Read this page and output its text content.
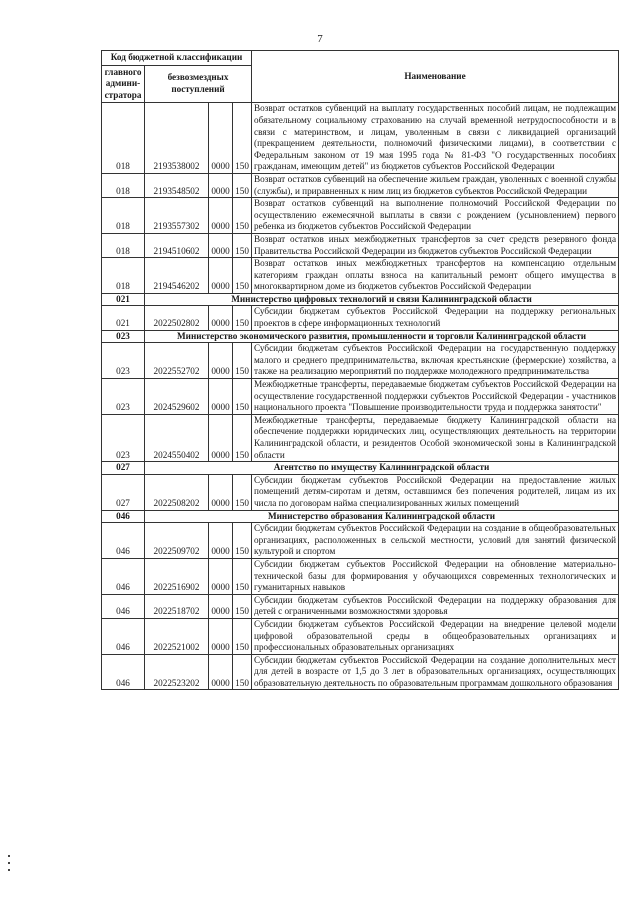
7
Код бюджетной классификации				Наименование
главного админи-стратора	безвозмездных поступлений			
018	2193538002	0000	150	Возврат остатков субвенций на выплату государственных пособий лицам, не подлежащим обязательному социальному страхованию на случай временной нетрудоспособности и в связи с материнством, и лицам, уволенным в связи с ликвидацией организаций (прекращением деятельности, полномочий физическими лицами), в соответствии с Федеральным законом от 19 мая 1995 года № 81-ФЗ "О государственных пособиях гражданам, имеющим детей" из бюджетов субъектов Российской Федерации
018	2193548502	0000	150	Возврат остатков субвенций на обеспечение жильем граждан, уволенных с военной службы (службы), и приравненных к ним лиц из бюджетов субъектов Российской Федерации
018	2193557302	0000	150	Возврат остатков субвенций на выполнение полномочий Российской Федерации по осуществлению ежемесячной выплаты в связи с рождением (усыновлением) первого ребенка из бюджетов субъектов Российской Федерации
018	2194510602	0000	150	Возврат остатков иных межбюджетных трансфертов за счет средств резервного фонда Правительства Российской Федерации из бюджетов субъектов Российской Федерации
018	2194546202	0000	150	Возврат остатков иных межбюджетных трансфертов на компенсацию отдельным категориям граждан оплаты взноса на капитальный ремонт общего имущества в многоквартирном доме из бюджетов субъектов Российской Федерации
021	Министерство цифровых технологий и связи Калининградской области			
021	2022502802	0000	150	Субсидии бюджетам субъектов Российской Федерации на поддержку региональных проектов в сфере информационных технологий
023	Министерство экономического развития, промышленности и торговли Калининградской области			
023	2022552702	0000	150	Субсидии бюджетам субъектов Российской Федерации на государственную поддержку малого и среднего предпринимательства, включая крестьянские (фермерские) хозяйства, а также на реализацию мероприятий по поддержке молодежного предпринимательства
023	2024529602	0000	150	Межбюджетные трансферты, передаваемые бюджетам субъектов Российской Федерации на осуществление государственной поддержки субъектов Российской Федерации - участников национального проекта "Повышение производительности труда и поддержка занятости"
023	2024550402	0000	150	Межбюджетные трансферты, передаваемые бюджету Калининградской области на обеспечение поддержки юридических лиц, осуществляющих деятельность на территории Калининградской области, и резидентов Особой экономической зоны в Калининградской области
027	Агентство по имуществу Калининградской области			
027	2022508202	0000	150	Субсидии бюджетам субъектов Российской Федерации на предоставление жилых помещений детям-сиротам и детям, оставшимся без попечения родителей, лицам из их числа по договорам найма специализированных жилых помещений
046	Министерство образования Калининградской области			
046	2022509702	0000	150	Субсидии бюджетам субъектов Российской Федерации на создание в общеобразовательных организациях, расположенных в сельской местности, условий для занятий физической культурой и спортом
046	2022516902	0000	150	Субсидии бюджетам субъектов Российской Федерации на обновление материально-технической базы для формирования у обучающихся современных технологических и гуманитарных навыков
046	2022518702	0000	150	Субсидии бюджетам субъектов Российской Федерации на поддержку образования для детей с ограниченными возможностями здоровья
046	2022521002	0000	150	Субсидии бюджетам субъектов Российской Федерации на внедрение целевой модели цифровой образовательной среды в общеобразовательных организациях и профессиональных образовательных организациях
046	2022523202	0000	150	Субсидии бюджетам субъектов Российской Федерации на создание дополнительных мест для детей в возрасте от 1,5 до 3 лет в образовательных организациях, осуществляющих образовательную деятельность по образовательным программам дошкольного образования
